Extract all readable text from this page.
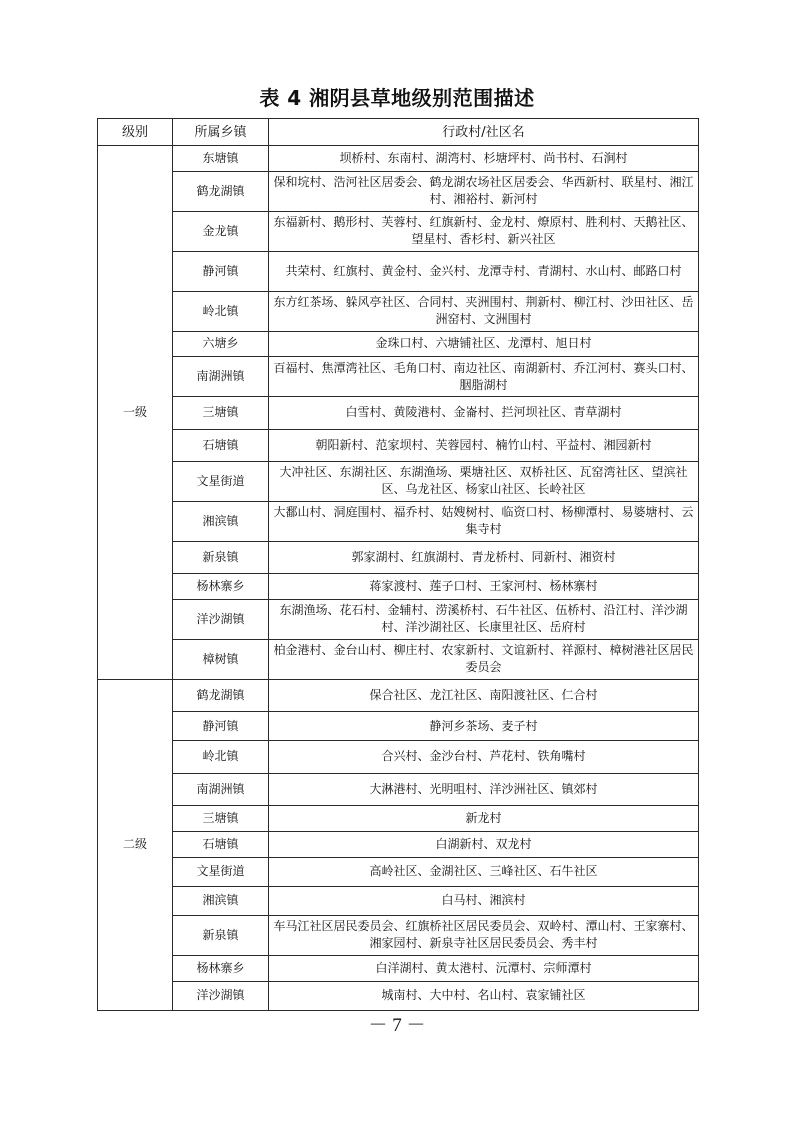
表 4 湘阴县草地级别范围描述
级别	所属乡镇	行政村/社区名
一级	东塘镇	坝桥村、东南村、湖湾村、杉塘坪村、尚书村、石涧村
	鹤龙湖镇	保和垸村、浩河社区居委会、鹤龙湖农场社区居委会、华西新村、联星村、湘江村、湘裕村、新河村
	金龙镇	东福新村、鹅形村、芙蓉村、红旗新村、金龙村、燎原村、胜利村、天鹅社区、望星村、香杉村、新兴社区
	静河镇	共荣村、红旗村、黄金村、金兴村、龙潭寺村、青湖村、水山村、邮路口村
	岭北镇	东方红茶场、躲风亭社区、合同村、夹洲围村、荆新村、柳江村、沙田社区、岳洲窑村、文洲围村
	六塘乡	金珠口村、六塘铺社区、龙潭村、旭日村
	南湖洲镇	百福村、焦潭湾社区、毛角口村、南边社区、南湖新村、乔江河村、赛头口村、胭脂湖村
	三塘镇	白雪村、黄陵港村、金崙村、拦河坝社区、青草湖村
	石塘镇	朝阳新村、范家坝村、芙蓉园村、楠竹山村、平益村、湘园新村
	文星街道	大冲社区、东湖社区、东湖渔场、栗塘社区、双桥社区、瓦窑湾社区、望滨社区、乌龙社区、杨家山社区、长岭社区
	湘滨镇	大鄱山村、洞庭围村、福乔村、姑嫂树村、临资口村、杨柳潭村、易婆塘村、云集寺村
	新泉镇	郭家湖村、红旗湖村、青龙桥村、同新村、湘资村
	杨林寨乡	蒋家渡村、莲子口村、王家河村、杨林寨村
	洋沙湖镇	东湖渔场、花石村、金辅村、涝溪桥村、石牛社区、伍桥村、沿江村、洋沙湖村、洋沙湖社区、长康里社区、岳府村
	樟树镇	柏金港村、金台山村、柳庄村、农家新村、文谊新村、祥源村、樟树港社区居民委员会
二级	鹤龙湖镇	保合社区、龙江社区、南阳渡社区、仁合村
	静河镇	静河乡茶场、麦子村
	岭北镇	合兴村、金沙台村、芦花村、铁角嘴村
	南湖洲镇	大淋港村、光明咀村、洋沙洲社区、镇郊村
	三塘镇	新龙村
	石塘镇	白湖新村、双龙村
	文星街道	高岭社区、金湖社区、三峰社区、石牛社区
	湘滨镇	白马村、湘滨村
	新泉镇	车马江社区居民委员会、红旗桥社区居民委员会、双岭村、潭山村、王家寨村、湘家园村、新泉寺社区居民委员会、秀丰村
	杨林寨乡	白洋湖村、黄太港村、沅潭村、宗师潭村
	洋沙湖镇	城南村、大中村、名山村、袁家铺社区
－ 7 －
